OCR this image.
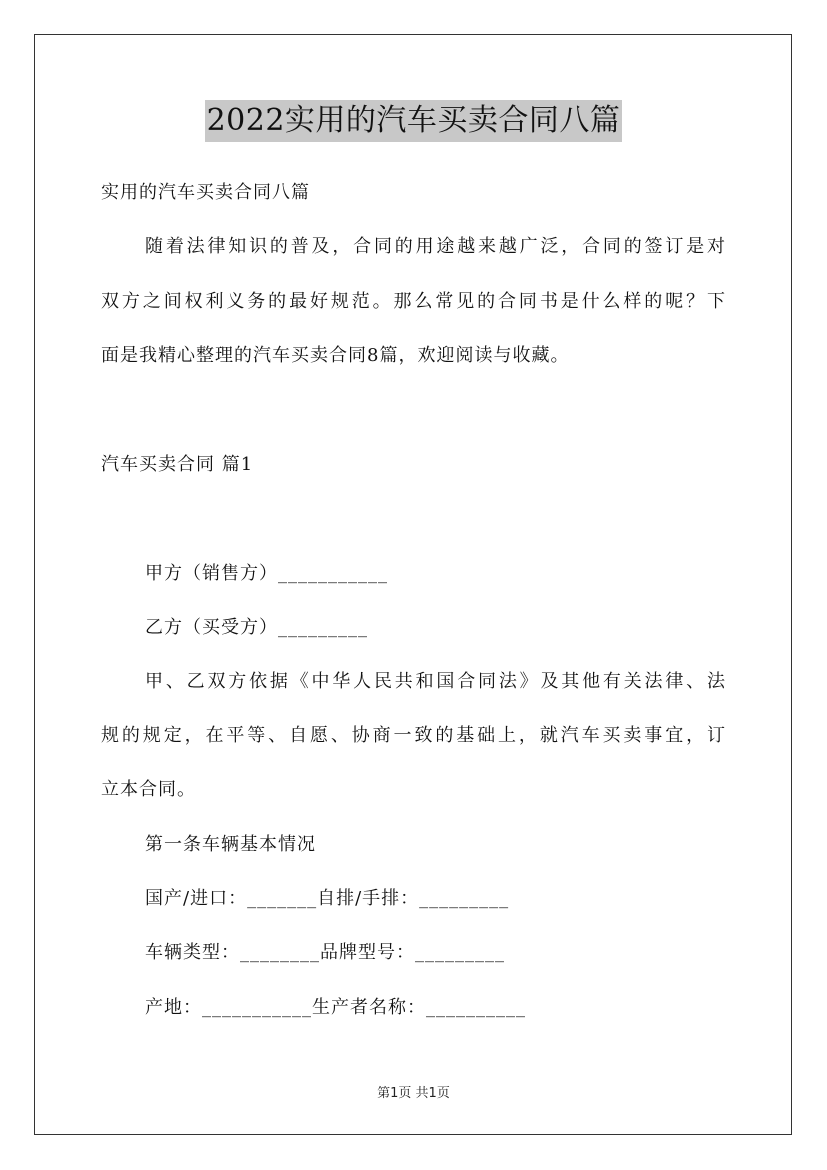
2022实用的汽车买卖合同八篇
实用的汽车买卖合同八篇
随着法律知识的普及，合同的用途越来越广泛，合同的签订是对
双方之间权利义务的最好规范。那么常见的合同书是什么样的呢？下
面是我精心整理的汽车买卖合同8篇，欢迎阅读与收藏。
汽车买卖合同 篇1
甲方（销售方）___________
乙方（买受方）_________
甲、乙双方依据《中华人民共和国合同法》及其他有关法律、法
规的规定，在平等、自愿、协商一致的基础上，就汽车买卖事宜，订
立本合同。
第一条车辆基本情况
国产/进口：_______自排/手排：_________
车辆类型：________品牌型号：_________
产地：___________生产者名称：__________
第1页 共1页
